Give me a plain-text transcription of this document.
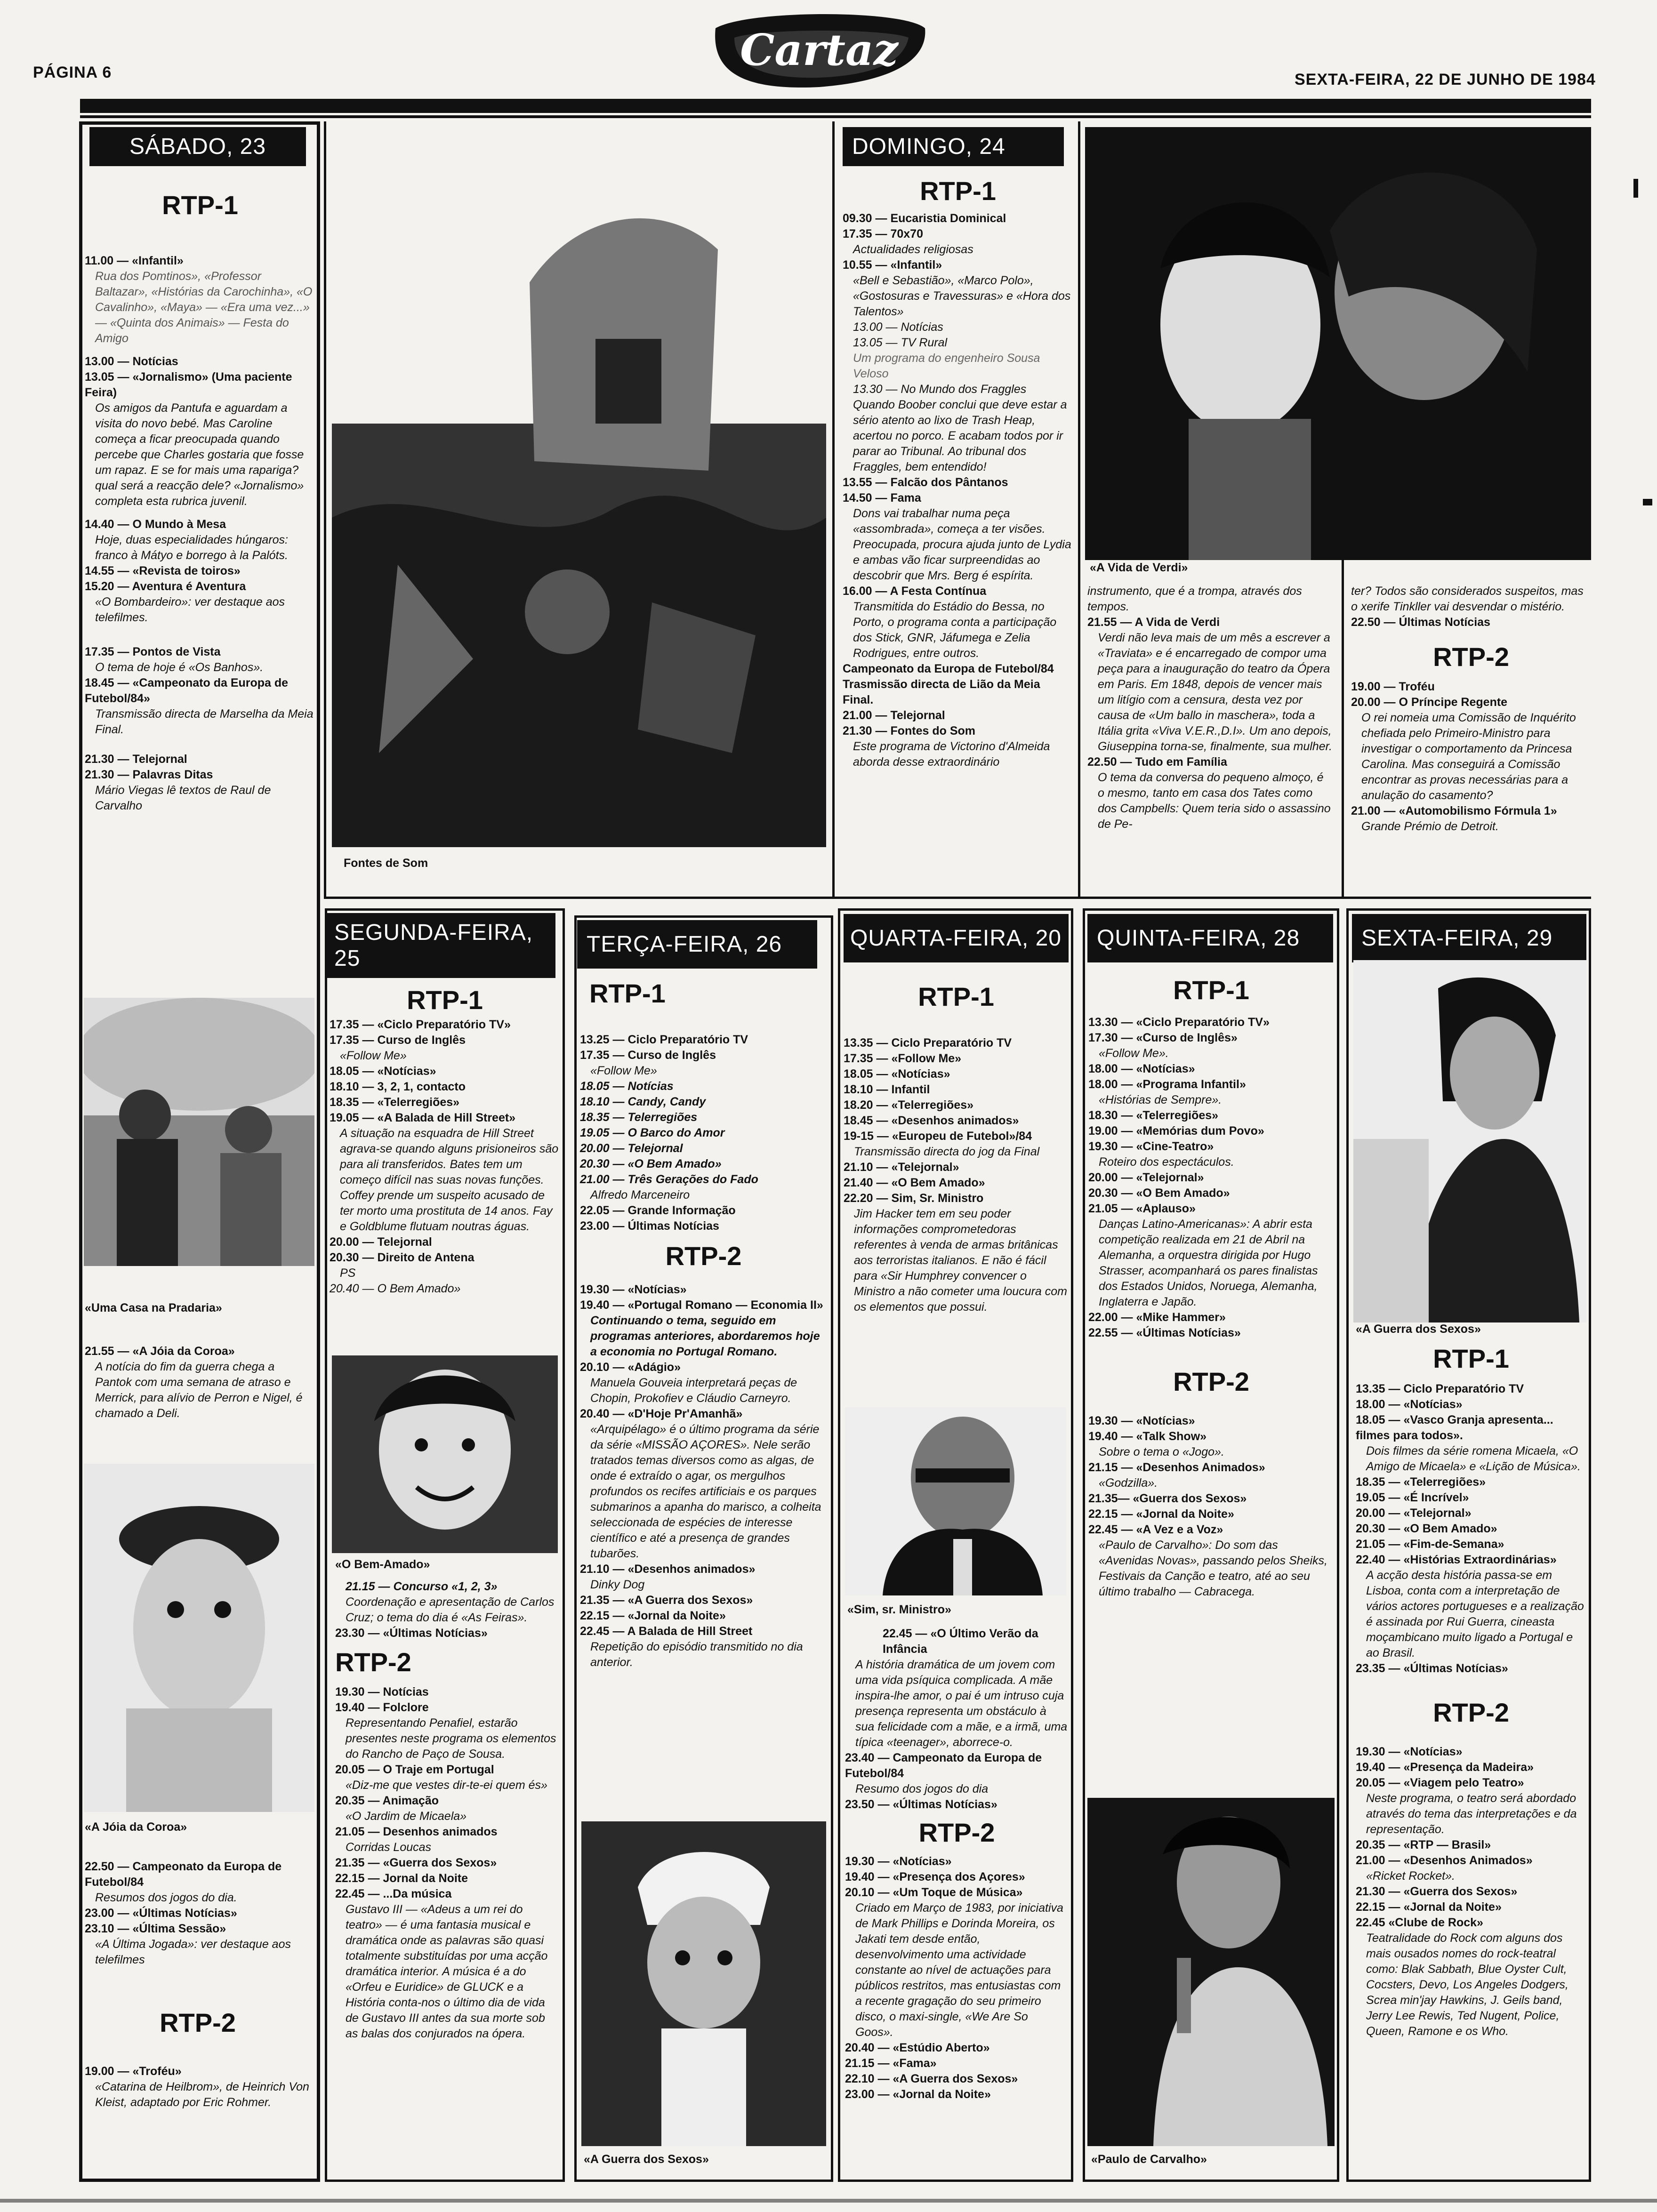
PÁGINA 6	Cartaz
SEXTA-FEIRA, 22 DE JUNHO DE 1984
SÁBADO, 23
RTP-1
11.00 — «Infantil»
Rua dos Pomtinos», «Professor Baltazar», «Histórias da Carochinha», «O Cavalinho», «Maya» — «Era uma vez...» — «Quinta dos Animais» — Festa do Amigo
13.00 — Notícias
13.05 — «Jornalismo» (Uma paciente Feira)
Os amigos da Pantufa e aguardam a visita do novo bebé. Mas Caroline começa a ficar preocupada quando percebe que Charles gostaria que fosse um rapaz. E se for mais uma rapariga? qual será a reacção dele? «Jornalismo» completa esta rubrica juvenil.
14.40 — O Mundo à Mesa
Hoje, duas especialidades húngaros: franco à Mátyo e borrego à la Palóts.
14.55 — «Revista de toiros»
15.20 — Aventura é Aventura
«O Bombardeiro»: ver destaque aos telefilmes.
17.35 — Pontos de Vista
O tema de hoje é «Os Banhos».
18.45 — «Campeonato da Europa de Futebol/84»
Transmissão directa de Marselha da Meia Final.
21.30 — Telejornal
21.30 — Palavras Ditas
Mário Viegas lê textos de Raul de Carvalho
«Uma Casa na Pradaria»
21.55 — «A Jóia da Coroa»
A notícia do fim da guerra chega a Pantok com uma semana de atraso e Merrick, para alívio de Perron e Nigel, é chamado a Deli.
«A Jóia da Coroa»
22.50 — Campeonato da Europa de Futebol/84
Resumos dos jogos do dia.
23.00 — «Últimas Notícias»
23.10 — «Última Sessão»
«A Última Jogada»: ver destaque aos telefilmes
RTP-2
19.00 — «Troféu»
«Catarina de Heilbrom», de Heinrich Von Kleist, adaptado por Eric Rohmer.
Fontes de Som
DOMINGO, 24
RTP-1
09.30 — Eucaristia Dominical
17.35 — 70x70
Actualidades religiosas
10.55 — «Infantil»
«Bell e Sebastião», «Marco Polo», «Gostosuras e Travessuras» e «Hora dos Talentos»
13.00 — Notícias
13.05 — TV Rural
Um programa do engenheiro Sousa Veloso
13.30 — No Mundo dos Fraggles
Quando Boober conclui que deve estar a sério atento ao lixo de Trash Heap, acertou no porco. E acabam todos por ir parar ao Tribunal. Ao tribunal dos Fraggles, bem entendido!
13.55 — Falcão dos Pântanos
14.50 — Fama
Dons vai trabalhar numa peça «assombrada», começa a ter visões. Preocupada, procura ajuda junto de Lydia e ambas vão ficar surpreendidas ao descobrir que Mrs. Berg é espírita.
16.00 — A Festa Contínua
Transmitida do Estádio do Bessa, no Porto, o programa conta a participação dos Stick, GNR, Jáfumega e Zelia Rodrigues, entre outros.
Campeonato da Europa de Futebol/84
Trasmissão directa de Lião da Meia Final.
21.00 — Telejornal
21.30 — Fontes do Som
Este programa de Victorino d'Almeida aborda desse extraordinário
«A Vida de Verdi»
instrumento, que é a trompa, através dos tempos.
21.55 — A Vida de Verdi
Verdi não leva mais de um mês a escrever a «Traviata» e é encarregado de compor uma peça para a inauguração do teatro da Ópera em Paris. Em 1848, depois de vencer mais um litígio com a censura, desta vez por causa de «Um ballo in maschera», toda a Itália grita «Viva V.E.R.,D.I». Um ano depois, Giuseppina torna-se, finalmente, sua mulher.
22.50 — Tudo em Família
O tema da conversa do pequeno almoço, é o mesmo, tanto em casa dos Tates como dos Campbells: Quem teria sido o assassino de Pe-
ter? Todos são considerados suspeitos, mas o xerife Tinkller vai desvendar o mistério.
22.50 — Últimas Notícias
RTP-2
19.00 — Troféu
20.00 — O Príncipe Regente
O rei nomeia uma Comissão de Inquérito chefiada pelo Primeiro-Ministro para investigar o comportamento da Princesa Carolina. Mas conseguirá a Comissão encontrar as provas necessárias para a anulação do casamento?
21.00 — «Automobilismo Fórmula 1»
Grande Prémio de Detroit.
SEGUNDA-FEIRA, 25
RTP-1
17.35 — «Ciclo Preparatório TV»
17.35 — Curso de Inglês
«Follow Me»
18.05 — «Notícias»
18.10 — 3, 2, 1, contacto
18.35 — «Telerregiões»
19.05 — «A Balada de Hill Street»
A situação na esquadra de Hill Street agrava-se quando alguns prisioneiros são para ali transferidos. Bates tem um começo difícil nas suas novas funções. Coffey prende um suspeito acusado de ter morto uma prostituta de 14 anos. Fay e Goldblume flutuam noutras águas.
20.00 — Telejornal
20.30 — Direito de Antena
PS
20.40 — O Bem Amado»
«O Bem-Amado»
21.15 — Concurso «1, 2, 3»
Coordenação e apresentação de Carlos Cruz; o tema do dia é «As Feiras».
23.30 — «Últimas Notícias»
RTP-2
19.30 — Notícias
19.40 — Folclore
Representando Penafiel, estarão presentes neste programa os elementos do Rancho de Paço de Sousa.
20.05 — O Traje em Portugal
«Diz-me que vestes dir-te-ei quem és»
20.35 — Animação
«O Jardim de Micaela»
21.05 — Desenhos animados
Corridas Loucas
21.35 — «Guerra dos Sexos»
22.15 — Jornal da Noite
22.45 — ...Da música
Gustavo III — «Adeus a um rei do teatro» — é uma fantasia musical e dramática onde as palavras são quasi totalmente substituídas por uma acção dramática interior. A música é a do «Orfeu e Euridice» de GLUCK e a História conta-nos o último dia de vida de Gustavo III antes da sua morte sob as balas dos conjurados na ópera.
TERÇA-FEIRA, 26
RTP-1
13.25 — Ciclo Preparatório TV
17.35 — Curso de Inglês
«Follow Me»
18.05 — Notícias
18.10 — Candy, Candy
18.35 — Telerregiões
19.05 — O Barco do Amor
20.00 — Telejornal
20.30 — «O Bem Amado»
21.00 — Três Gerações do Fado
Alfredo Marceneiro
22.05 — Grande Informação
23.00 — Últimas Notícias
RTP-2
19.30 — «Notícias»
19.40 — «Portugal Romano — Economia II»
Continuando o tema, seguido em programas anteriores, abordaremos hoje a economia no Portugal Romano.
20.10 — «Adágio»
Manuela Gouveia interpretará peças de Chopin, Prokofiev e Cláudio Carneyro.
20.40 — «D'Hoje Pr'Amanhã»
«Arquipélago» é o último programa da série da série «MISSÃO AÇORES». Nele serão tratados temas diversos como as algas, de onde é extraído o agar, os mergulhos profundos os recifes artificiais e os parques submarinos a apanha do marisco, a colheita seleccionada de espécies de interesse científico e até a presença de grandes tubarões.
21.10 — «Desenhos animados»
Dinky Dog
21.35 — «A Guerra dos Sexos»
22.15 — «Jornal da Noite»
22.45 — A Balada de Hill Street
Repetição do episódio transmitido no dia anterior.
«A Guerra dos Sexos»
QUARTA-FEIRA, 20
RTP-1
13.35 — Ciclo Preparatório TV
17.35 — «Follow Me»
18.05 — «Notícias»
18.10 — Infantil
18.20 — «Telerregiões»
18.45 — «Desenhos animados»
19-15 — «Europeu de Futebol»/84
Transmissão directa do jog da Final
21.10 — «Telejornal»
21.40 — «O Bem Amado»
22.20 — Sim, Sr. Ministro
Jim Hacker tem em seu poder informações comprometedoras referentes à venda de armas britânicas aos terroristas italianos. E não é fácil para «Sir Humphrey convencer o Ministro a não cometer uma loucura com os elementos que possui.
«Sim, sr. Ministro»
22.45 — «O Último Verão da Infância
A história dramática de um jovem com uma vida psíquica complicada. A mãe inspira-lhe amor, o pai é um intruso cuja presença representa um obstáculo à sua felicidade com a mãe, e a irmã, uma típica «teenager», aborrece-o.
23.40 — Campeonato da Europa de Futebol/84
Resumo dos jogos do dia
23.50 — «Últimas Notícias»
RTP-2
19.30 — «Notícias»
19.40 — «Presença dos Açores»
20.10 — «Um Toque de Música»
Criado em Março de 1983, por iniciativa de Mark Phillips e Dorinda Moreira, os Jakati tem desde então, desenvolvimento uma actividade constante ao nível de actuações para públicos restritos, mas entusiastas com a recente gragação do seu primeiro disco, o maxi-single, «We Are So Goos».
20.40 — «Estúdio Aberto»
21.15 — «Fama»
22.10 — «A Guerra dos Sexos»
23.00 — «Jornal da Noite»
QUINTA-FEIRA, 28
RTP-1
13.30 — «Ciclo Preparatório TV»
17.30 — «Curso de Inglês»
«Follow Me».
18.00 — «Notícias»
18.00 — «Programa Infantil»
«Histórias de Sempre».
18.30 — «Telerregiões»
19.00 — «Memórias dum Povo»
19.30 — «Cine-Teatro»
Roteiro dos espectáculos.
20.00 — «Telejornal»
20.30 — «O Bem Amado»
21.05 — «Aplauso»
Danças Latino-Americanas»: A abrir esta competição realizada em 21 de Abril na Alemanha, a orquestra dirigida por Hugo Strasser, acompanhará os pares finalistas dos Estados Unidos, Noruega, Alemanha, Inglaterra e Japão.
22.00 — «Mike Hammer»
22.55 — «Últimas Notícias»
RTP-2
19.30 — «Notícias»
19.40 — «Talk Show»
Sobre o tema o «Jogo».
21.15 — «Desenhos Animados»
«Godzilla».
21.35— «Guerra dos Sexos»
22.15 — «Jornal da Noite»
22.45 — «A Vez e a Voz»
«Paulo de Carvalho»: Do som das «Avenidas Novas», passando pelos Sheiks, Festivais da Canção e teatro, até ao seu último trabalho — Cabracega.
«Paulo de Carvalho»
SEXTA-FEIRA, 29
«A Guerra dos Sexos»
RTP-1
13.35 — Ciclo Preparatório TV
18.00 — «Notícias»
18.05 — «Vasco Granja apresenta... filmes para todos».
Dois filmes da série romena Micaela, «O Amigo de Micaela» e «Lição de Música».
18.35 — «Telerregiões»
19.05 — «É Incrível»
20.00 — «Telejornal»
20.30 — «O Bem Amado»
21.05 — «Fim-de-Semana»
22.40 — «Histórias Extraordinárias»
A acção desta história passa-se em Lisboa, conta com a interpretação de vários actores portugueses e a realização é assinada por Rui Guerra, cineasta moçambicano muito ligado a Portugal e ao Brasil.
23.35 — «Últimas Notícias»
RTP-2
19.30 — «Notícias»
19.40 — «Presença da Madeira»
20.05 — «Viagem pelo Teatro»
Neste programa, o teatro será abordado através do tema das interpretações e da representação.
20.35 — «RTP — Brasil»
21.00 — «Desenhos Animados»
«Ricket Rocket».
21.30 — «Guerra dos Sexos»
22.15 — «Jornal da Noite»
22.45 «Clube de Rock»
Teatralidade do Rock com alguns dos mais ousados nomes do rock-teatral como: Blak Sabbath, Blue Oyster Cult, Cocsters, Devo, Los Angeles Dodgers, Screa min'jay Hawkins, J. Geils band, Jerry Lee Rewis, Ted Nugent, Police, Queen, Ramone e os Who.
